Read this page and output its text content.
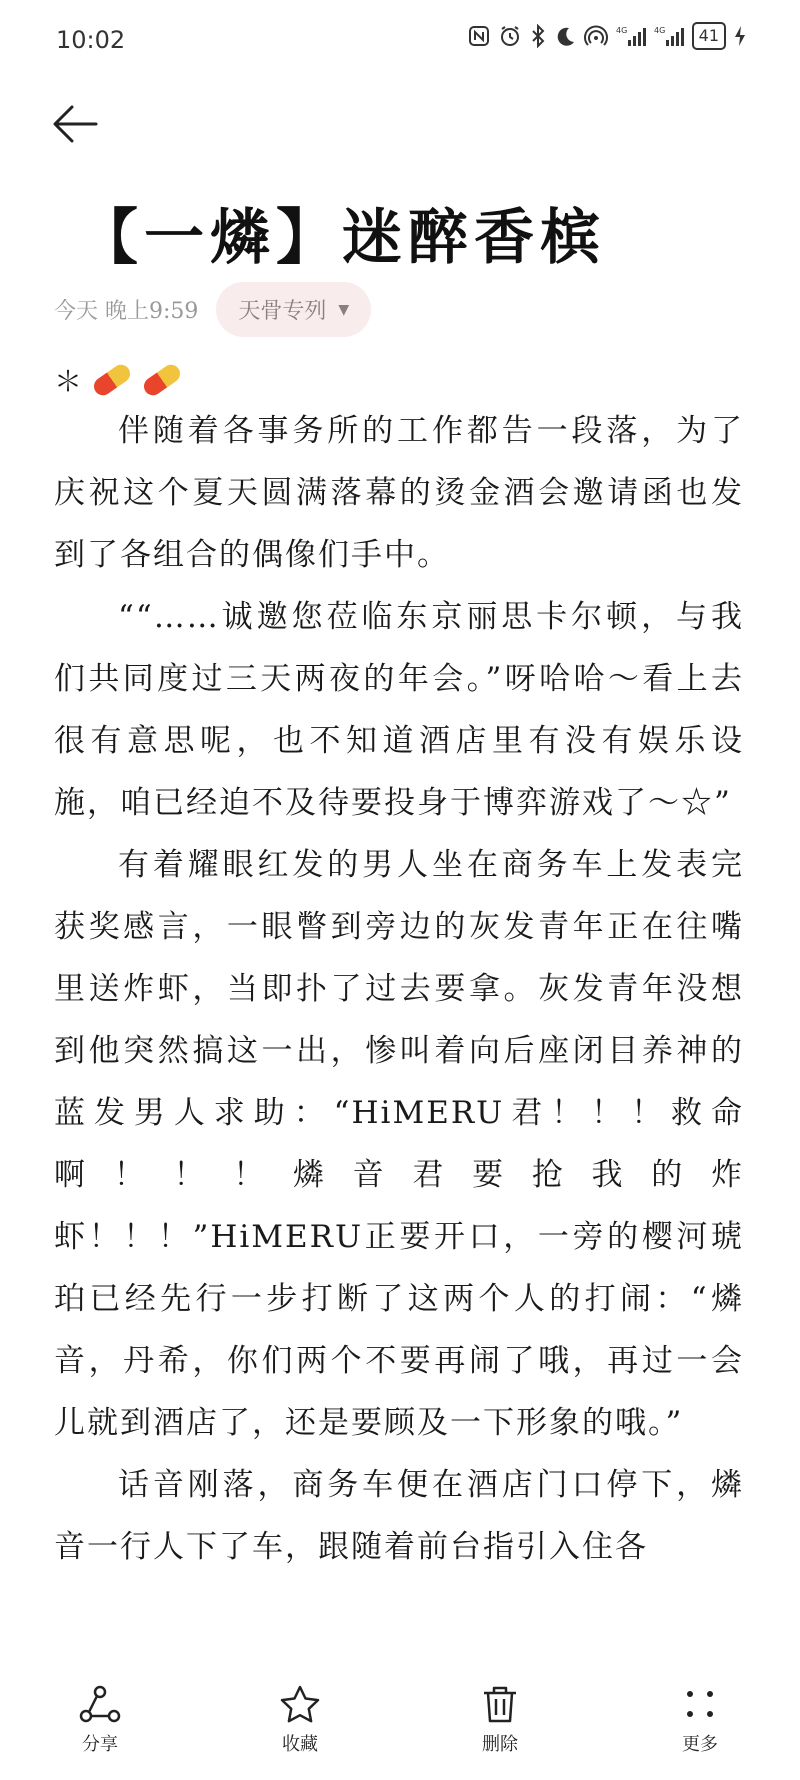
10:02	4G	4G	41
【一燐】迷醉香槟
今天 晚上9:59 天骨专列 ▼
＊

伴随着各事务所的工作都告一段落，为了庆祝这个夏天圆满落幕的烫金酒会邀请函也发到了各组合的偶像们手中。

““……诚邀您莅临东京丽思卡尔顿，与我们共同度过三天两夜的年会。”呀哈哈～看上去很有意思呢，也不知道酒店里有没有娱乐设施，咱已经迫不及待要投身于博弈游戏了～☆”

有着耀眼红发的男人坐在商务车上发表完获奖感言，一眼瞥到旁边的灰发青年正在往嘴里送炸虾，当即扑了过去要拿。灰发青年没想到他突然搞这一出，惨叫着向后座闭目养神的蓝发男人求助：“HiMERU君！！！救命啊！！！燐音君要抢我的炸虾！！！”HiMERU正要开口，一旁的樱河琥珀已经先行一步打断了这两个人的打闹：“燐音，丹希，你们两个不要再闹了哦，再过一会儿就到酒店了，还是要顾及一下形象的哦。”

话音刚落，商务车便在酒店门口停下，燐音一行人下了车，跟随着前台指引入住各

分享	收藏	删除	更多
